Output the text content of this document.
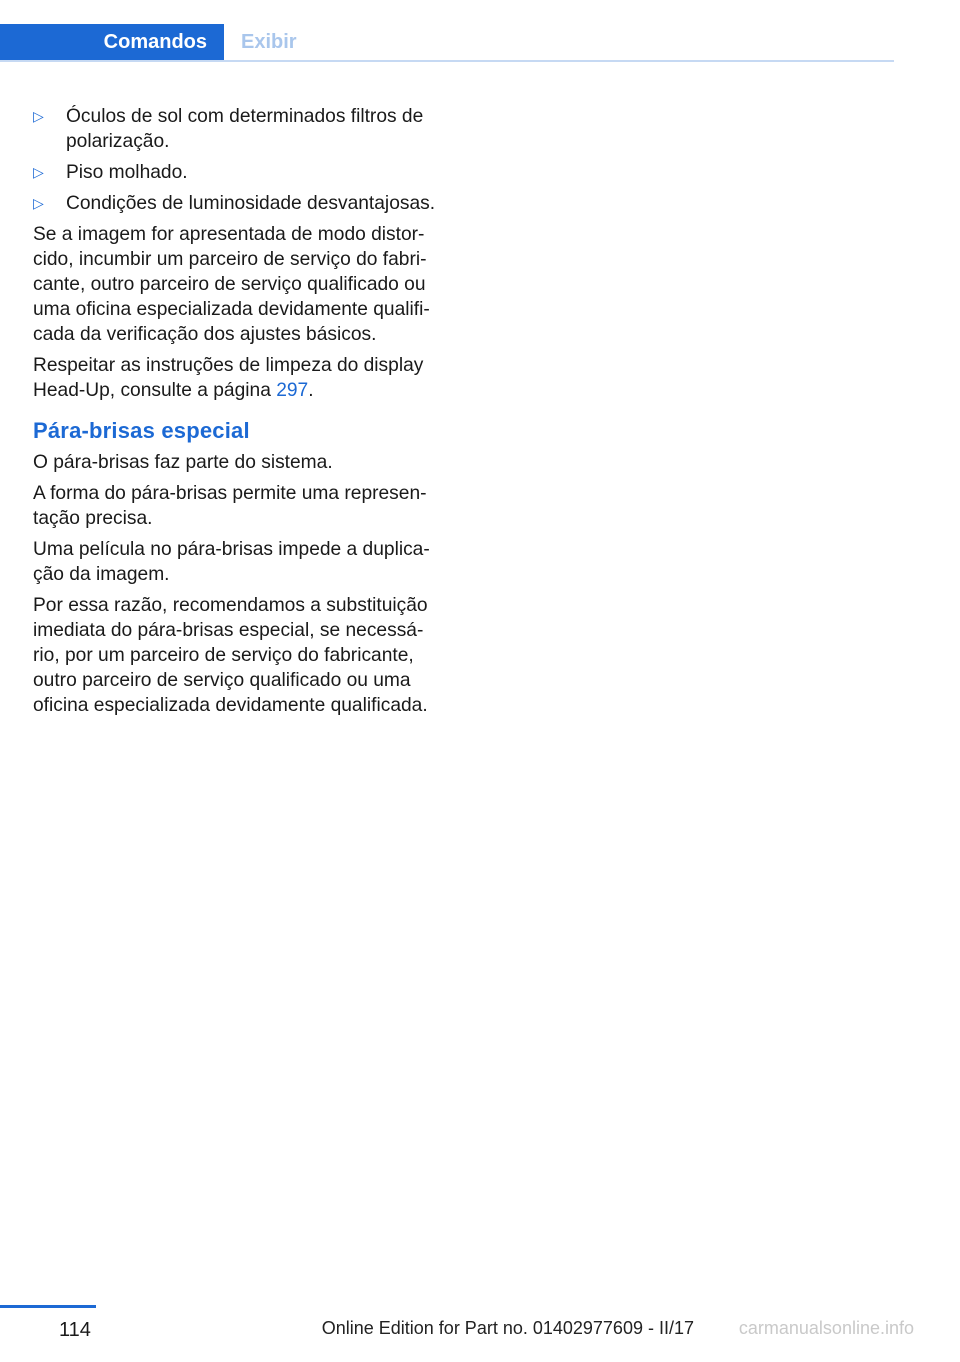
Comandos	Exibir
▷ Óculos de sol com determinados filtros de polarização.
▷ Piso molhado.
▷ Condições de luminosidade desvantajosas.

Se a imagem for apresentada de modo distorcido, incumbir um parceiro de serviço do fabricante, outro parceiro de serviço qualificado ou uma oficina especializada devidamente qualificada da verificação dos ajustes básicos.

Respeitar as instruções de limpeza do display Head-Up, consulte a página 297.

Pára-brisas especial

O pára-brisas faz parte do sistema.

A forma do pára-brisas permite uma representação precisa.

Uma película no pára-brisas impede a duplicação da imagem.

Por essa razão, recomendamos a substituição imediata do pára-brisas especial, se necessário, por um parceiro de serviço do fabricante, outro parceiro de serviço qualificado ou uma oficina especializada devidamente qualificada.

114	Online Edition for Part no. 01402977609 - II/17 carmanualsonline.info
